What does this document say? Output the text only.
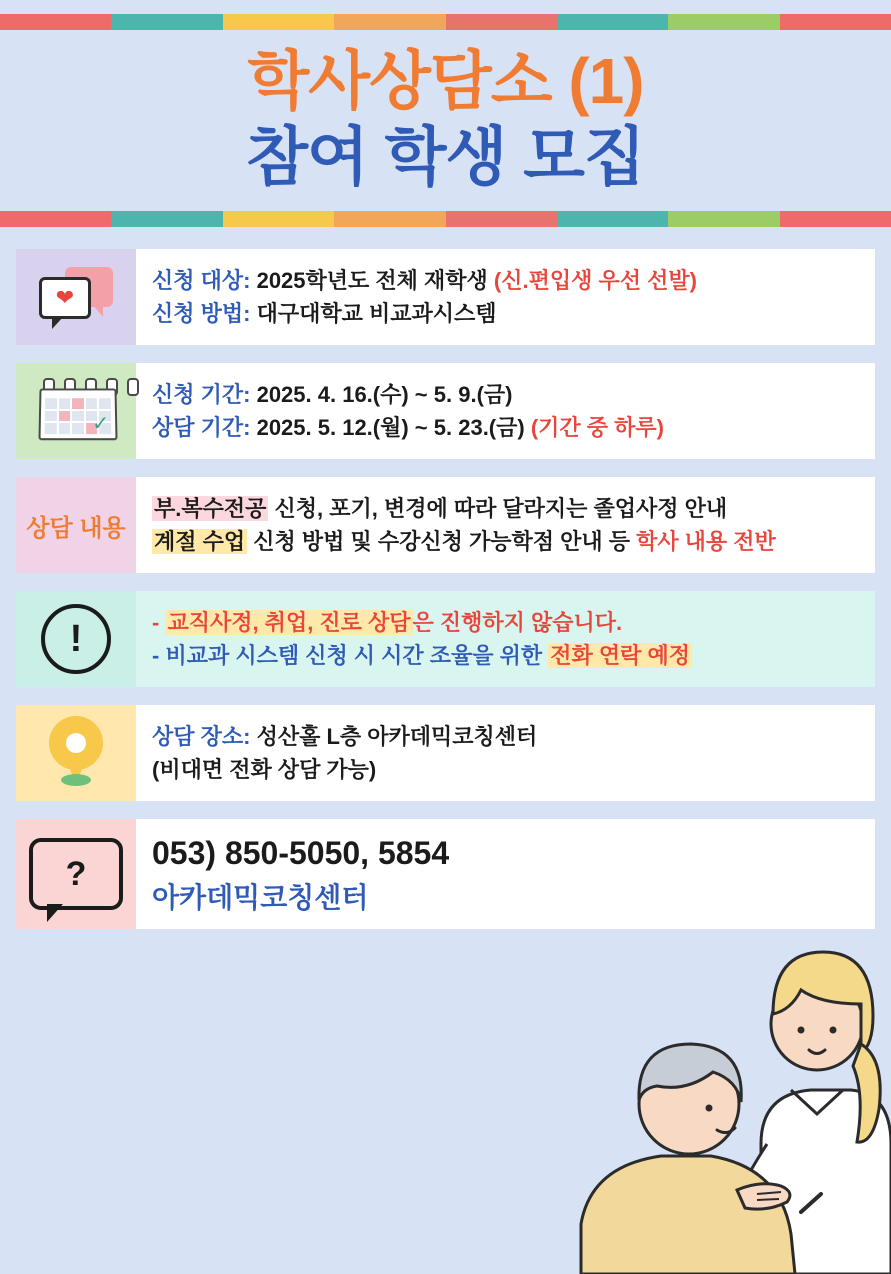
학사상담소 (1)
참여 학생 모집
❤
신청 대상: 2025학년도 전체 재학생 (신.편입생 우선 선발)
신청 방법: 대구대학교 비교과시스템
✓
신청 기간: 2025. 4. 16.(수) ~ 5. 9.(금)
상담 기간: 2025. 5. 12.(월) ~ 5. 23.(금) (기간 중 하루)
상담 내용
부.복수전공 신청, 포기, 변경에 따라 달라지는 졸업사정 안내
계절 수업 신청 방법 및 수강신청 가능학점 안내 등 학사 내용 전반
!	- 교직사정, 취업, 진로 상담은 진행하지 않습니다.
- 비교과 시스템 신청 시 시간 조율을 위한 전화 연락 예정
상담 장소: 성산홀 L층 아카데믹코칭센터
(비대면 전화 상담 가능)
?
053) 850-5050, 5854
아카데믹코칭센터
